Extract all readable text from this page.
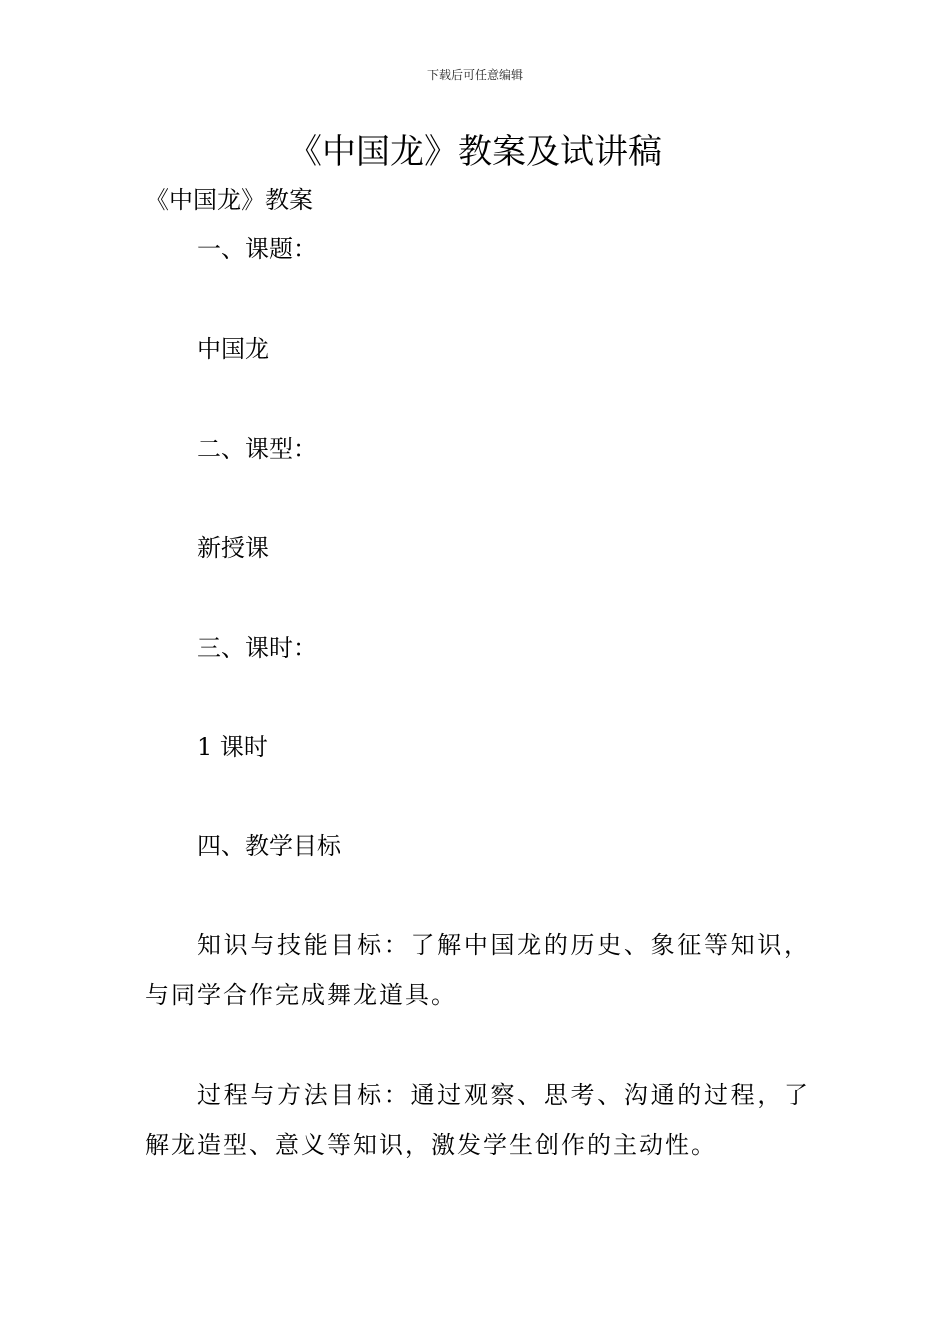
下载后可任意编辑
《中国龙》教案及试讲稿
《中国龙》教案
一、课题：
中国龙
二、课型：
新授课
三、课时：
1 课时
四、教学目标
知识与技能目标：了解中国龙的历史、象征等知识，与同学合作完成舞龙道具。
过程与方法目标：通过观察、思考、沟通的过程，了解龙造型、意义等知识，激发学生创作的主动性。
